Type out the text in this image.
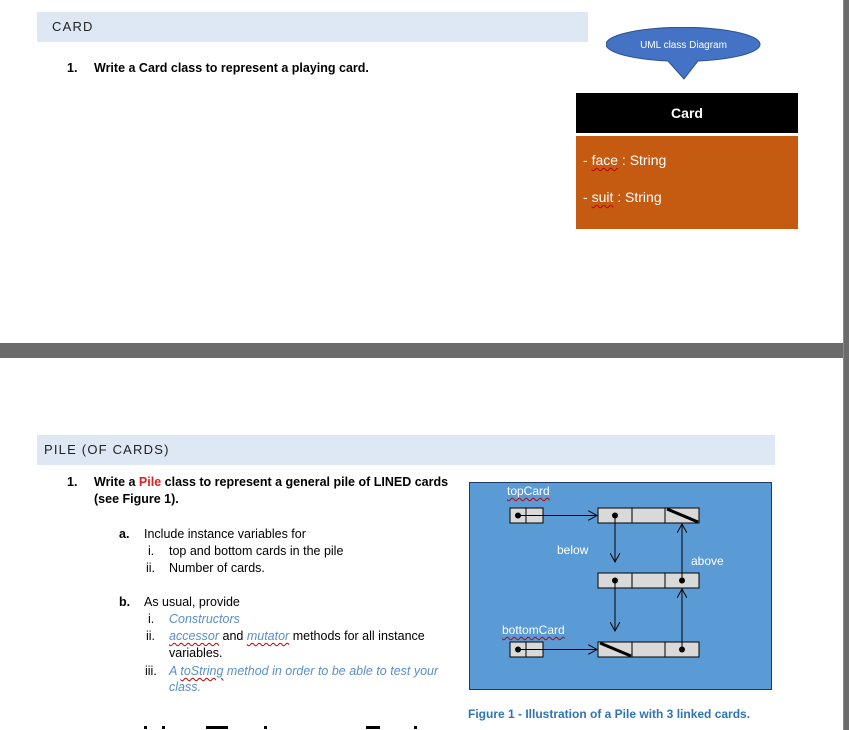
CARD
1. Write a Card class to represent a playing card.
UML class Diagram
Card
- face : String
- suit : String
PILE (OF CARDS)
1. Write a Pile class to represent a general pile of LINED cards
(see Figure 1).
a. Include instance variables for
i. top and bottom cards in the pile
ii. Number of cards.
b. As usual, provide
i. Constructors
ii. accessor and mutator methods for all instance
variables.
iii. A toString method in order to be able to test your
class.
topCard
bottomCard
below
above
Figure 1 - Illustration of a Pile with 3 linked cards.
